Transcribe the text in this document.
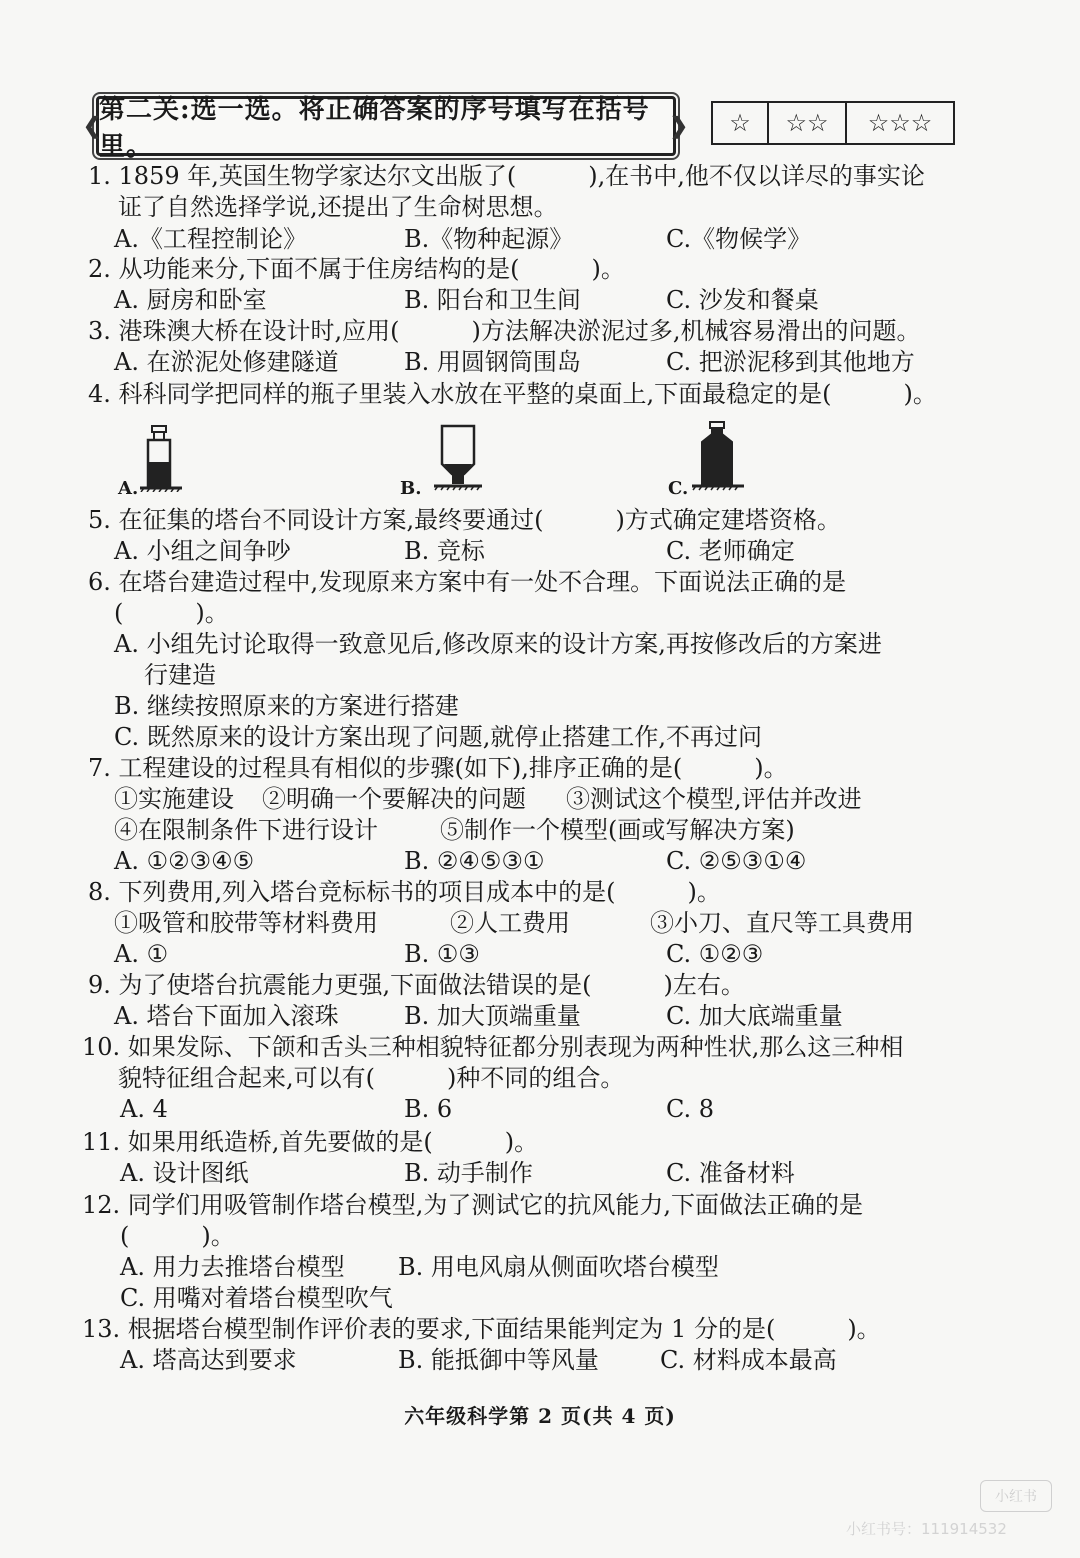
❮
第二关:选一选。将正确答案的序号填写在括号里。
❯	☆	☆☆	☆☆☆
1. 1859 年,英国生物学家达尔文出版了(　　　),在书中,他不仅以详尽的事实论
证了自然选择学说,还提出了生命树思想。
A.《工程控制论》	B.《物种起源》	C.《物候学》
2. 从功能来分,下面不属于住房结构的是(　　　)。
A. 厨房和卧室	B. 阳台和卫生间	C. 沙发和餐桌
3. 港珠澳大桥在设计时,应用(　　　)方法解决淤泥过多,机械容易滑出的问题。
A. 在淤泥处修建隧道	B. 用圆钢筒围岛	C. 把淤泥移到其他地方
4. 科科同学把同样的瓶子里装入水放在平整的桌面上,下面最稳定的是(　　　)。
A.	B.	C.
5. 在征集的塔台不同设计方案,最终要通过(　　　)方式确定建塔资格。
A. 小组之间争吵	B. 竞标	C. 老师确定
6. 在塔台建造过程中,发现原来方案中有一处不合理。下面说法正确的是
(　　　)。
A. 小组先讨论取得一致意见后,修改原来的设计方案,再按修改后的方案进
行建造
B. 继续按照原来的方案进行搭建
C. 既然原来的设计方案出现了问题,就停止搭建工作,不再过问
7. 工程建设的过程具有相似的步骤(如下),排序正确的是(　　　)。
①实施建设 ②明确一个要解决的问题 ③测试这个模型,评估并改进
④在限制条件下进行设计	⑤制作一个模型(画或写解决方案)
A. ①②③④⑤	B. ②④⑤③①	C. ②⑤③①④
8. 下列费用,列入塔台竞标标书的项目成本中的是(　　　)。
①吸管和胶带等材料费用	②人工费用	③小刀、直尺等工具费用
A. ①	B. ①③	C. ①②③
9. 为了使塔台抗震能力更强,下面做法错误的是(　　　)左右。
A. 塔台下面加入滚珠	B. 加大顶端重量	C. 加大底端重量
10. 如果发际、下颌和舌头三种相貌特征都分别表现为两种性状,那么这三种相
貌特征组合起来,可以有(　　　)种不同的组合。
A. 4	B. 6	C. 8
11. 如果用纸造桥,首先要做的是(　　　)。
A. 设计图纸	B. 动手制作	C. 准备材料
12. 同学们用吸管制作塔台模型,为了测试它的抗风能力,下面做法正确的是
(　　　)。
A. 用力去推塔台模型 B. 用电风扇从侧面吹塔台模型
C. 用嘴对着塔台模型吹气
13. 根据塔台模型制作评价表的要求,下面结果能判定为 1 分的是(　　　)。
A. 塔高达到要求	B. 能抵御中等风量	C. 材料成本最高
六年级科学第 2 页(共 4 页)
小红书
小红书号：111914532
